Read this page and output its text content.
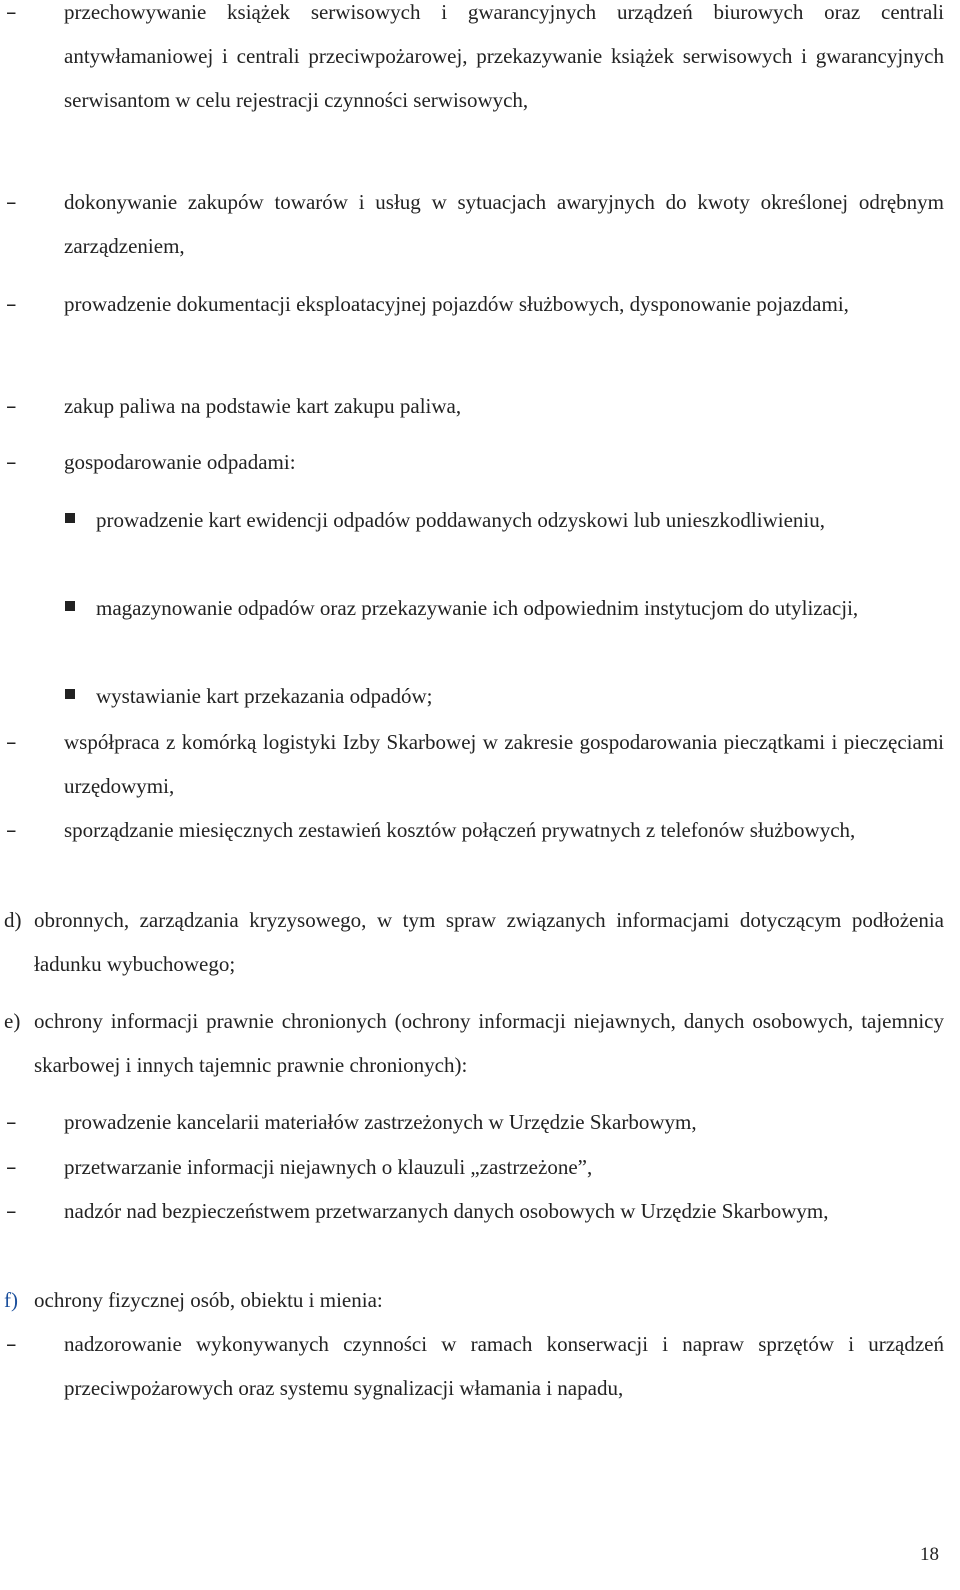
–
przechowywanie książek serwisowych i gwarancyjnych urządzeń biurowych oraz centrali antywłamaniowej i centrali przeciwpożarowej, przekazywanie książek serwisowych i gwarancyjnych serwisantom w celu rejestracji czynności serwisowych,
–
dokonywanie zakupów towarów i usług w sytuacjach awaryjnych do kwoty określonej odrębnym zarządzeniem,
–
prowadzenie dokumentacji eksploatacyjnej pojazdów służbowych, dysponowanie pojazdami,
–
zakup paliwa na podstawie kart zakupu paliwa,
–
gospodarowanie odpadami:
prowadzenie kart ewidencji odpadów poddawanych odzyskowi lub unieszkodliwieniu,
magazynowanie odpadów oraz przekazywanie ich odpowiednim instytucjom do utylizacji,
wystawianie kart przekazania odpadów;
–
współpraca z komórką logistyki Izby Skarbowej w zakresie gospodarowania pieczątkami i pieczęciami urzędowymi,
–
sporządzanie miesięcznych zestawień kosztów połączeń prywatnych z telefonów służbowych,
d) obronnych, zarządzania kryzysowego, w tym spraw związanych informacjami dotyczącym podłożenia ładunku wybuchowego;
e) ochrony informacji prawnie chronionych (ochrony informacji niejawnych, danych osobowych, tajemnicy skarbowej i innych tajemnic prawnie chronionych):
–
prowadzenie kancelarii materiałów zastrzeżonych w Urzędzie Skarbowym,
–
przetwarzanie informacji niejawnych o klauzuli „zastrzeżone”,
–
nadzór nad bezpieczeństwem przetwarzanych danych osobowych w Urzędzie Skarbowym,
f) ochrony fizycznej osób, obiektu i mienia:
–
nadzorowanie wykonywanych czynności w ramach konserwacji i napraw sprzętów i urządzeń przeciwpożarowych oraz systemu sygnalizacji włamania i napadu,
18
